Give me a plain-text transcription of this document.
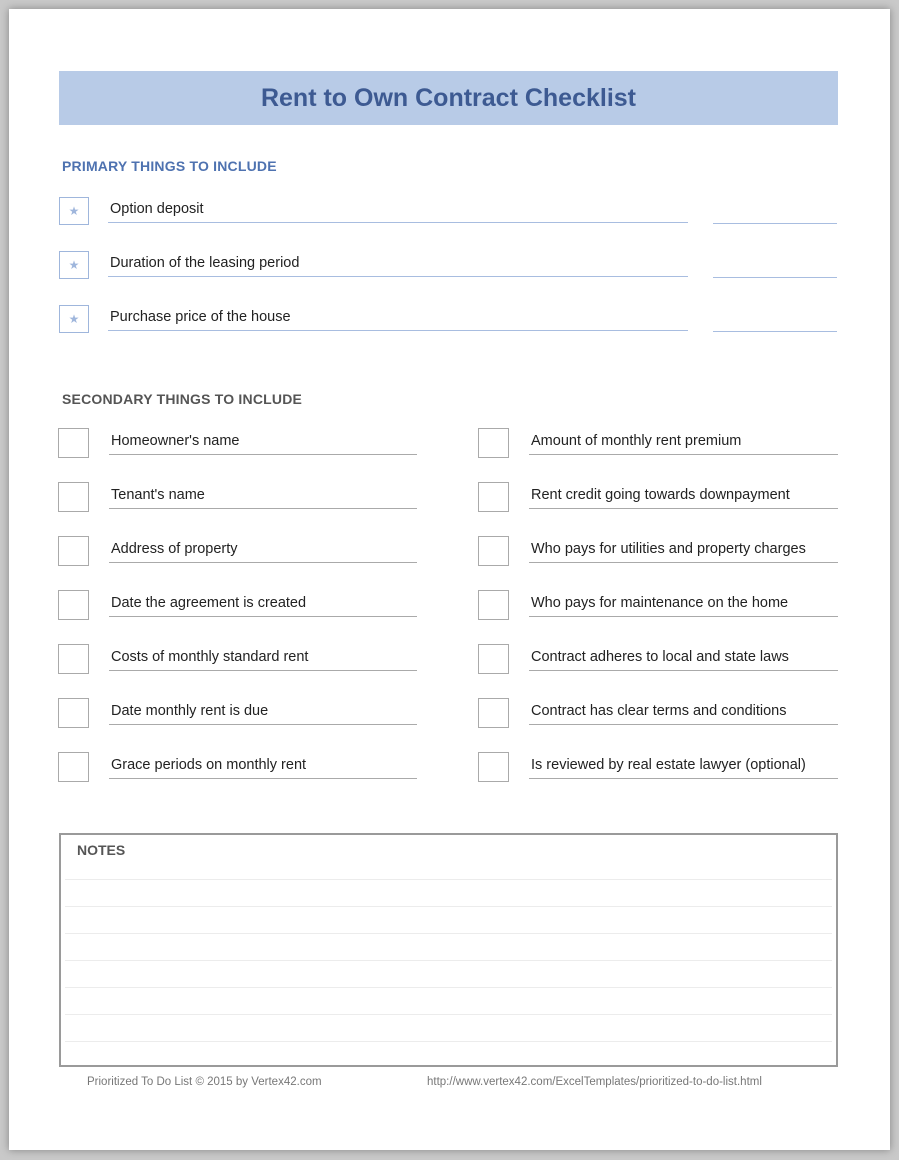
Rent to Own Contract Checklist
PRIMARY THINGS TO INCLUDE
★ Option deposit
★ Duration of the leasing period
★ Purchase price of the house
SECONDARY THINGS TO INCLUDE
Homeowner's name
Tenant's name
Address of property
Date the agreement is created
Costs of monthly standard rent
Date monthly rent is due
Grace periods on monthly rent
Amount of monthly rent premium
Rent credit going towards downpayment
Who pays for utilities and property charges
Who pays for maintenance on the home
Contract adheres to local and state laws
Contract has clear terms and conditions
Is reviewed by real estate lawyer (optional)
NOTES
Prioritized To Do List © 2015 by Vertex42.com	http://www.vertex42.com/ExcelTemplates/prioritized-to-do-list.html
